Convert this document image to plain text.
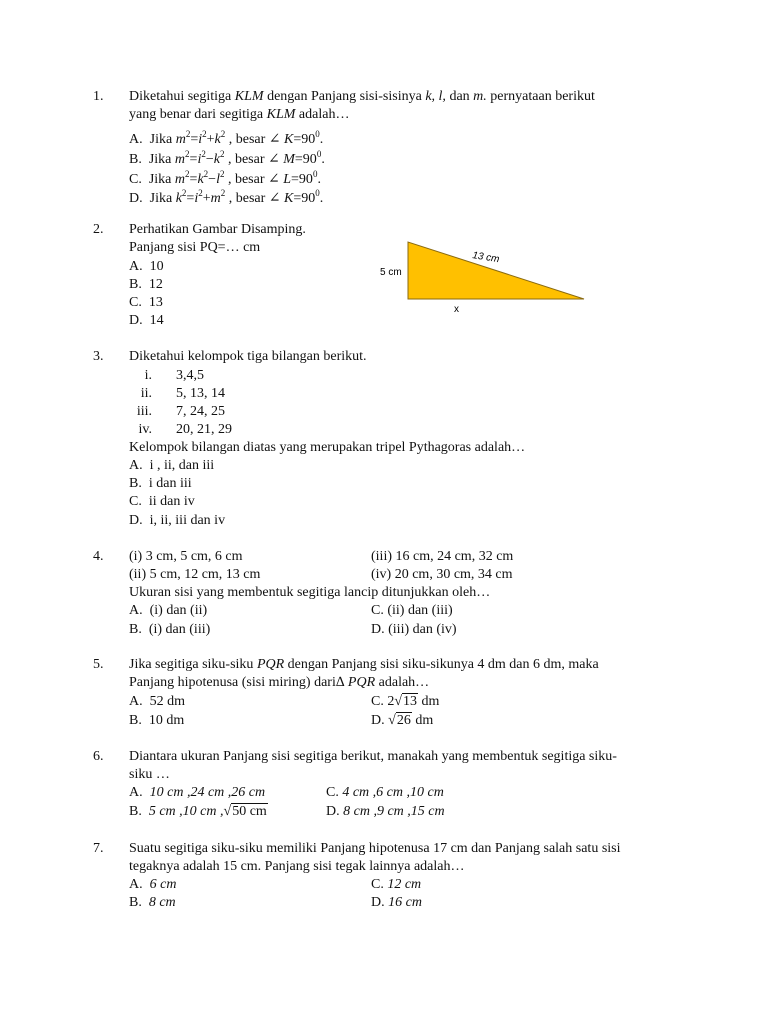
1. Diketahui segitiga KLM dengan Panjang sisi-sisinya k, l, dan m. pernyataan berikut
yang benar dari segitiga KLM adalah…
A.  Jika $m^2=i^2+k^2$ , besar ∠ $K=90^0$.
B.  Jika $m^2=i^2-k^2$ , besar ∠ $M=90^0$.
C.  Jika $m^2=k^2-l^2$ , besar ∠ $L=90^0$.
D.  Jika $k^2=i^2+m^2$ , besar ∠ $K=90^0$.
2. Perhatikan Gambar Disamping.
Panjang sisi PQ=… cm
A. 10
B. 12
C. 13
D. 14
13 cm
5 cm
x
3. Diketahui kelompok tiga bilangan berikut.
i. 3,4,5
ii. 5, 13, 14
iii. 7, 24, 25
iv. 20, 21, 29
Kelompok bilangan diatas yang merupakan tripel Pythagoras adalah…
A. i , ii, dan iii
B. i dan iii
C. ii dan iv
D. i, ii, iii dan iv
4. (i) 3 cm, 5 cm, 6 cm	(iii) 16 cm, 24 cm, 32 cm
(ii) 5 cm, 12 cm, 13 cm	(iv) 20 cm, 30 cm, 34 cm
Ukuran sisi yang membentuk segitiga lancip ditunjukkan oleh…
A. (i) dan (ii)	C. (ii) dan (iii)
B. (i) dan (iii)	D. (iii) dan (iv)
5. Jika segitiga siku-siku PQR dengan Panjang sisi siku-sikunya 4 dm dan 6 dm, maka
Panjang hipotenusa (sisi miring) dari∆ PQR adalah…
A. 52 dm	C. 2√13 dm
B. 10 dm	D. √26 dm
6. Diantara ukuran Panjang sisi segitiga berikut, manakah yang membentuk segitiga siku-
siku …
A. 10 cm ,24 cm ,26 cm	C. 4 cm ,6 cm ,10 cm
B. 5 cm ,10 cm ,√50 cm	D. 8 cm ,9 cm ,15 cm
7. Suatu segitiga siku-siku memiliki Panjang hipotenusa 17 cm dan Panjang salah satu sisi
tegaknya adalah 15 cm. Panjang sisi tegak lainnya adalah…
A. 6 cm	C. 12 cm
B. 8 cm	D. 16 cm
